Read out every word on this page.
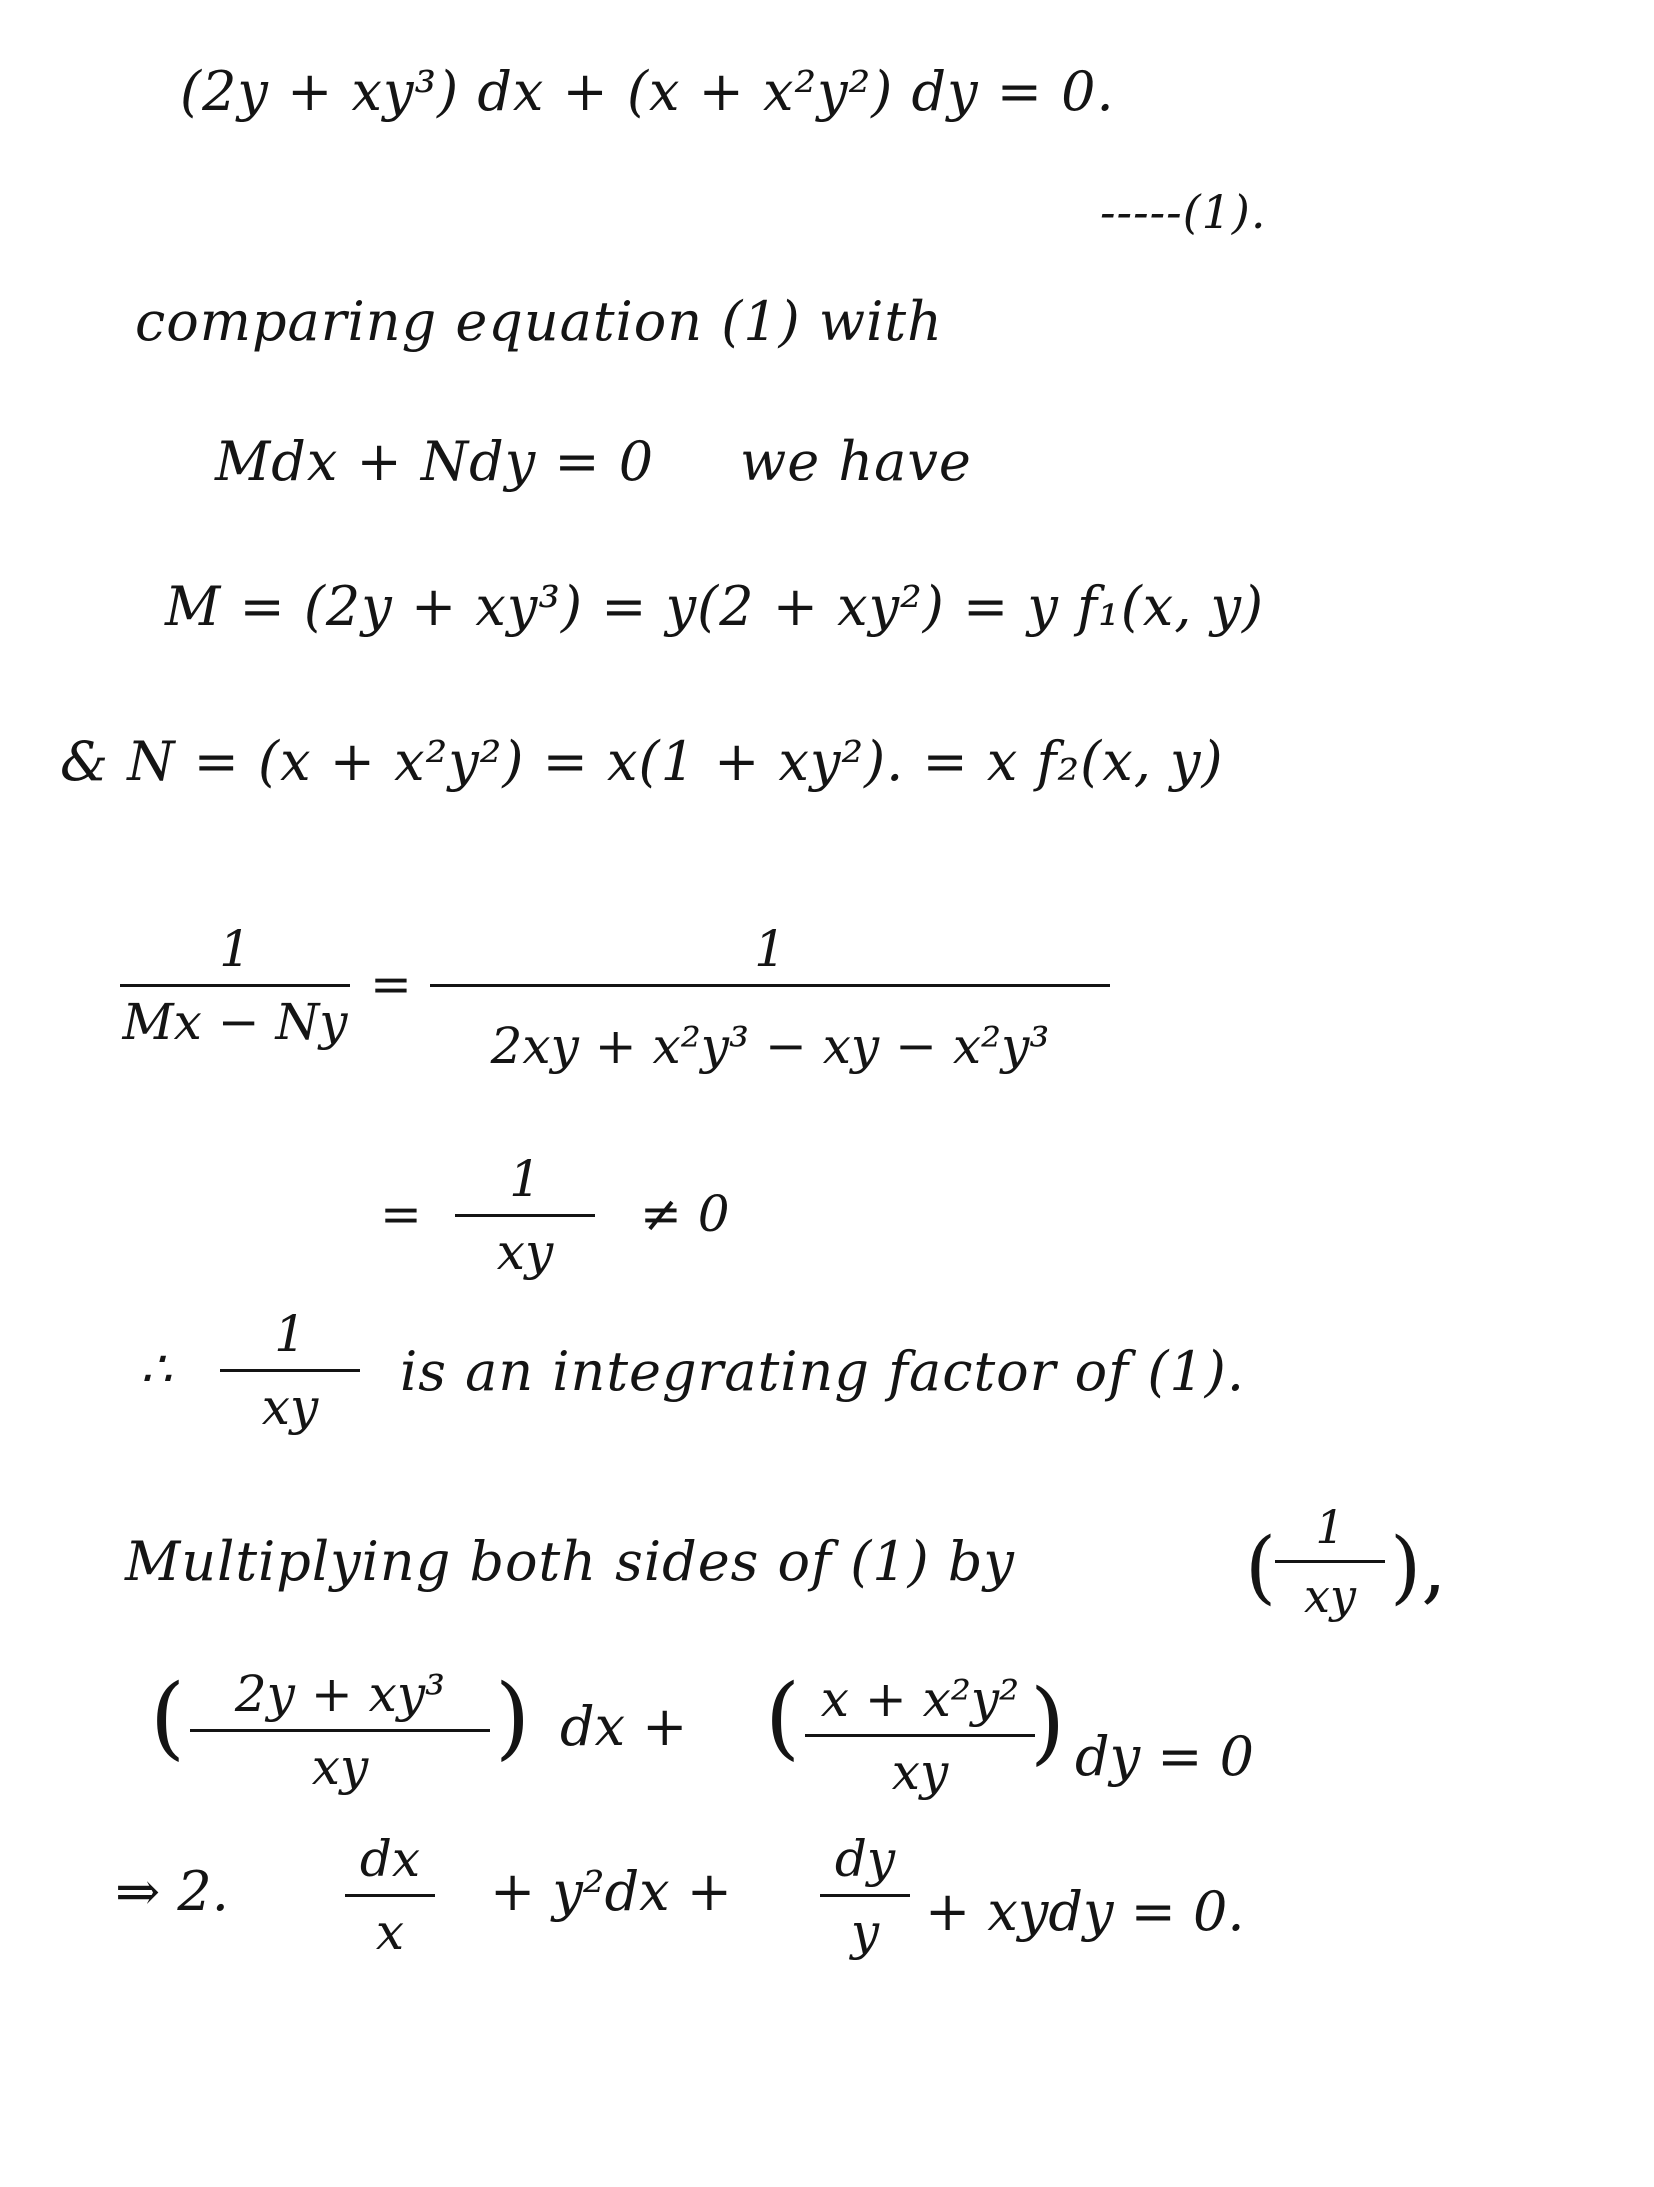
(2y + xy³) dx + (x + x²y²) dy = 0.
-----(1).
comparing equation (1) with
Mdx + Ndy = 0 we have
M = (2y + xy³) = y(2 + xy²) = y f₁(x, y)
& N = (x + x²y²) = x(1 + xy²). = x f₂(x, y)
1
Mx − Ny
=
1
2xy + x²y³ − xy − x²y³
=
1
xy
≠ 0
∴
1
xy
is an integrating factor of (1).
Multiplying both sides of (1) by
1
xy
( ),
( 2y + xy³
xy	) dx + ( x + x²y²
xy ) dy = 0
⇒ 2.
dx
x
+ y²dx +
dy
y + xydy = 0.
